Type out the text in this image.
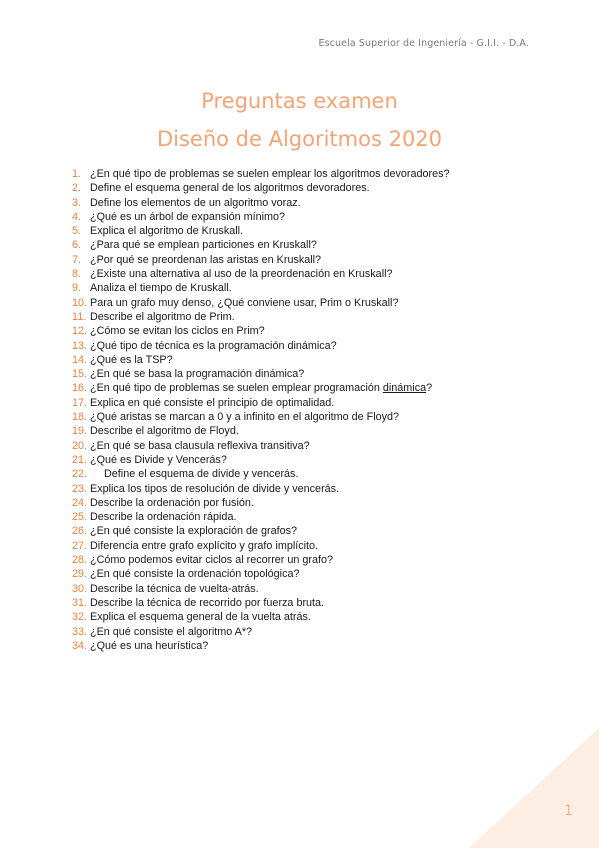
Escuela Superior de Ingeniería - G.I.I. - D.A.
Preguntas examen
Diseño de Algoritmos 2020
1. ¿En qué tipo de problemas se suelen emplear los algoritmos devoradores?
2. Define el esquema general de los algoritmos devoradores.
3. Define los elementos de un algoritmo voraz.
4. ¿Qué es un árbol de expansión mínimo?
5. Explica el algoritmo de Kruskall.
6. ¿Para qué se emplean particiones en Kruskall?
7. ¿Por qué se preordenan las aristas en Kruskall?
8. ¿Existe una alternativa al uso de la preordenación en Kruskall?
9. Analiza el tiempo de Kruskall.
10. Para un grafo muy denso, ¿Qué conviene usar, Prim o Kruskall?
11. Describe el algoritmo de Prim.
12. ¿Cómo se evitan los ciclos en Prim?
13. ¿Qué tipo de técnica es la programación dinámica?
14. ¿Qué es la TSP?
15. ¿En qué se basa la programación dinámica?
16. ¿En qué tipo de problemas se suelen emplear programación dinámica?
17. Explica en qué consiste el principio de optimalidad.
18. ¿Qué aristas se marcan a 0 y a infinito en el algoritmo de Floyd?
19. Describe el algoritmo de Floyd.
20. ¿En qué se basa clausula reflexiva transitiva?
21. ¿Qué es Divide y Vencerás?
22. Define el esquema de divide y vencerás.
23. Explica los tipos de resolución de divide y vencerás.
24. Describe la ordenación por fusión.
25. Describe la ordenación rápida.
26. ¿En qué consiste la exploración de grafos?
27. Diferencia entre grafo explícito y grafo implícito.
28. ¿Cómo podemos evitar ciclos al recorrer un grafo?
29. ¿En qué consiste la ordenación topológica?
30. Describe la técnica de vuelta-atrás.
31. Describe la técnica de recorrido por fuerza bruta.
32. Explica el esquema general de la vuelta atrás.
33. ¿En qué consiste el algoritmo A*?
34. ¿Qué es una heurística?
1
